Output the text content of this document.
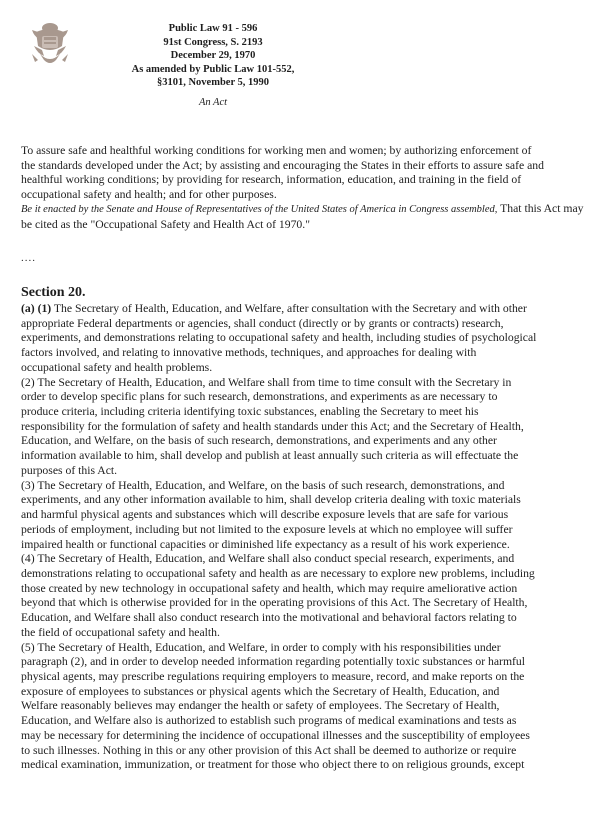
Public Law 91 - 596
91st Congress, S. 2193
December 29, 1970
As amended by Public Law 101-552,
§3101, November 5, 1990
An Act
To assure safe and healthful working conditions for working men and women; by authorizing enforcement of
the standards developed under the Act; by assisting and encouraging the States in their efforts to assure safe and
healthful working conditions; by providing for research, information, education, and training in the field of
occupational safety and health; and for other purposes.
Be it enacted by the Senate and House of Representatives of the United States of America in Congress assembled, That this Act may
be cited as the "Occupational Safety and Health Act of 1970."
....
Section 20.
(a) (1) The Secretary of Health, Education, and Welfare, after consultation with the Secretary and with other
appropriate Federal departments or agencies, shall conduct (directly or by grants or contracts) research,
experiments, and demonstrations relating to occupational safety and health, including studies of psychological
factors involved, and relating to innovative methods, techniques, and approaches for dealing with
occupational safety and health problems.
(2) The Secretary of Health, Education, and Welfare shall from time to time consult with the Secretary in
order to develop specific plans for such research, demonstrations, and experiments as are necessary to
produce criteria, including criteria identifying toxic substances, enabling the Secretary to meet his
responsibility for the formulation of safety and health standards under this Act; and the Secretary of Health,
Education, and Welfare, on the basis of such research, demonstrations, and experiments and any other
information available to him, shall develop and publish at least annually such criteria as will effectuate the
purposes of this Act.
(3) The Secretary of Health, Education, and Welfare, on the basis of such research, demonstrations, and
experiments, and any other information available to him, shall develop criteria dealing with toxic materials
and harmful physical agents and substances which will describe exposure levels that are safe for various
periods of employment, including but not limited to the exposure levels at which no employee will suffer
impaired health or functional capacities or diminished life expectancy as a result of his work experience.
(4) The Secretary of Health, Education, and Welfare shall also conduct special research, experiments, and
demonstrations relating to occupational safety and health as are necessary to explore new problems, including
those created by new technology in occupational safety and health, which may require ameliorative action
beyond that which is otherwise provided for in the operating provisions of this Act. The Secretary of Health,
Education, and Welfare shall also conduct research into the motivational and behavioral factors relating to
the field of occupational safety and health.
(5) The Secretary of Health, Education, and Welfare, in order to comply with his responsibilities under
paragraph (2), and in order to develop needed information regarding potentially toxic substances or harmful
physical agents, may prescribe regulations requiring employers to measure, record, and make reports on the
exposure of employees to substances or physical agents which the Secretary of Health, Education, and
Welfare reasonably believes may endanger the health or safety of employees. The Secretary of Health,
Education, and Welfare also is authorized to establish such programs of medical examinations and tests as
may be necessary for determining the incidence of occupational illnesses and the susceptibility of employees
to such illnesses. Nothing in this or any other provision of this Act shall be deemed to authorize or require
medical examination, immunization, or treatment for those who object there to on religious grounds, except
